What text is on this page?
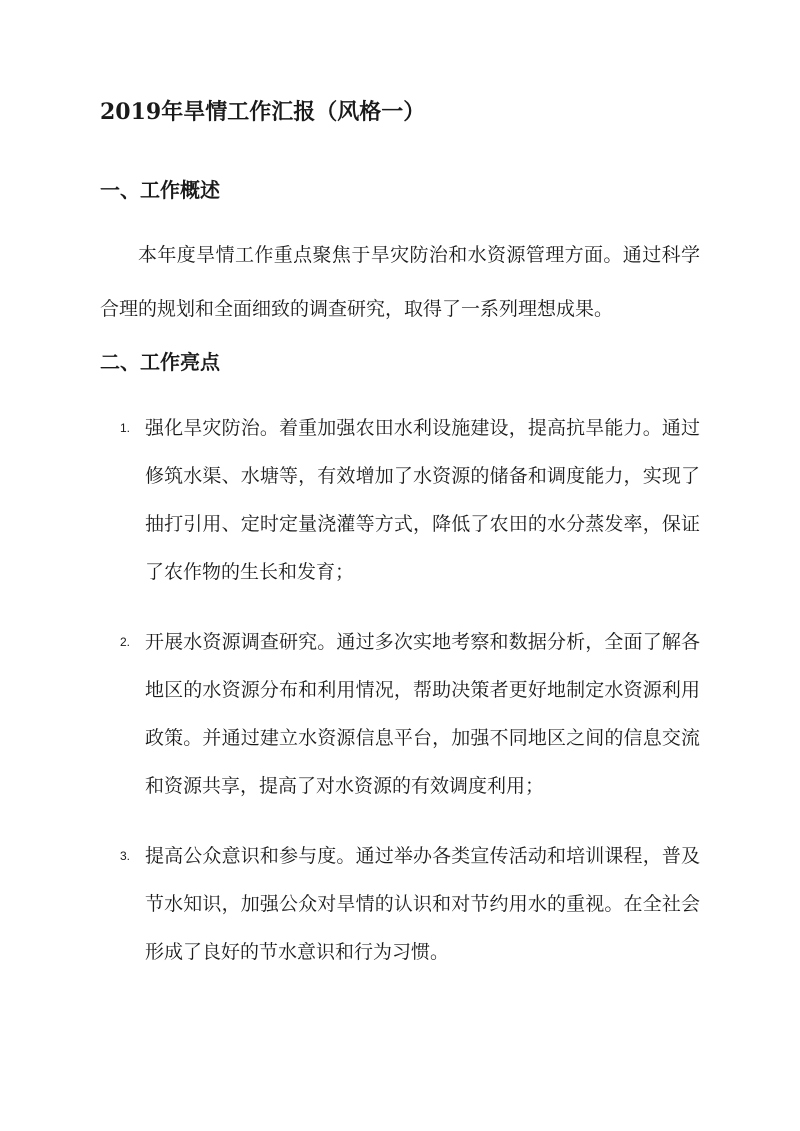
2019年旱情工作汇报（风格一）
一、工作概述

本年度旱情工作重点聚焦于旱灾防治和水资源管理方面。通过科学合理的规划和全面细致的调查研究，取得了一系列理想成果。

二、工作亮点
1. 强化旱灾防治。着重加强农田水利设施建设，提高抗旱能力。通过修筑水渠、水塘等，有效增加了水资源的储备和调度能力，实现了抽打引用、定时定量浇灌等方式，降低了农田的水分蒸发率，保证了农作物的生长和发育；
2. 开展水资源调查研究。通过多次实地考察和数据分析，全面了解各地区的水资源分布和利用情况，帮助决策者更好地制定水资源利用政策。并通过建立水资源信息平台，加强不同地区之间的信息交流和资源共享，提高了对水资源的有效调度利用；
3. 提高公众意识和参与度。通过举办各类宣传活动和培训课程，普及节水知识，加强公众对旱情的认识和对节约用水的重视。在全社会形成了良好的节水意识和行为习惯。
